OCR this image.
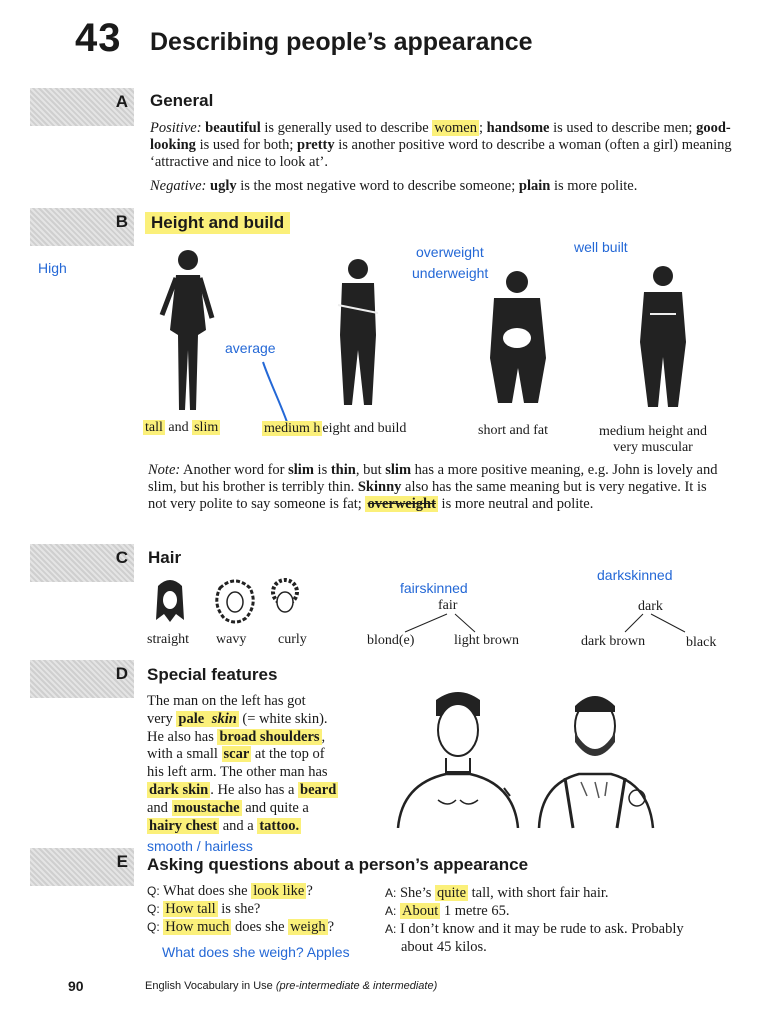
43 Describing people’s appearance
A General
Positive: beautiful is generally used to describe women ; handsome is used to describe men; good-looking is used for both; pretty is another positive word to describe a woman (often a girl) meaning ‘attractive and nice to look at’.
Negative: ugly is the most negative word to describe someone; plain is more polite.
B	Height and build
High
overweight
underweight
well built
average
tall and slim	medium h eight and build	short and fat	medium height and
very muscular
Note: Another word for slim is thin, but slim has a more positive meaning, e.g. John is lovely and slim, but his brother is terribly thin. Skinny also has the same meaning but is very negative. It is not very polite to say someone is fat; overweight is more neutral and polite.
C Hair
straight wavy curly
fairskinned
darkskinned
fair	dark
blond(e)	light brown	dark brown	black
D Special features
The man on the left has got
very pale skin (= white skin).
He also has broad shoulders ,
with a small scar at the top of
his left arm. The other man has
dark skin . He also has a beard
and moustache and quite a
hairy chest and a tattoo.
smooth / hairless
E Asking questions about a person’s appearance
Q: What does she look like ?
Q: How tall is she?
Q: How much does she weigh ?
What does she weigh? Apples
A: She’s quite tall, with short fair hair.
A: About 1 metre 65.
A: I don’t know and it may be rude to ask. Probably
about 45 kilos.
90	English Vocabulary in Use (pre-intermediate & intermediate)
